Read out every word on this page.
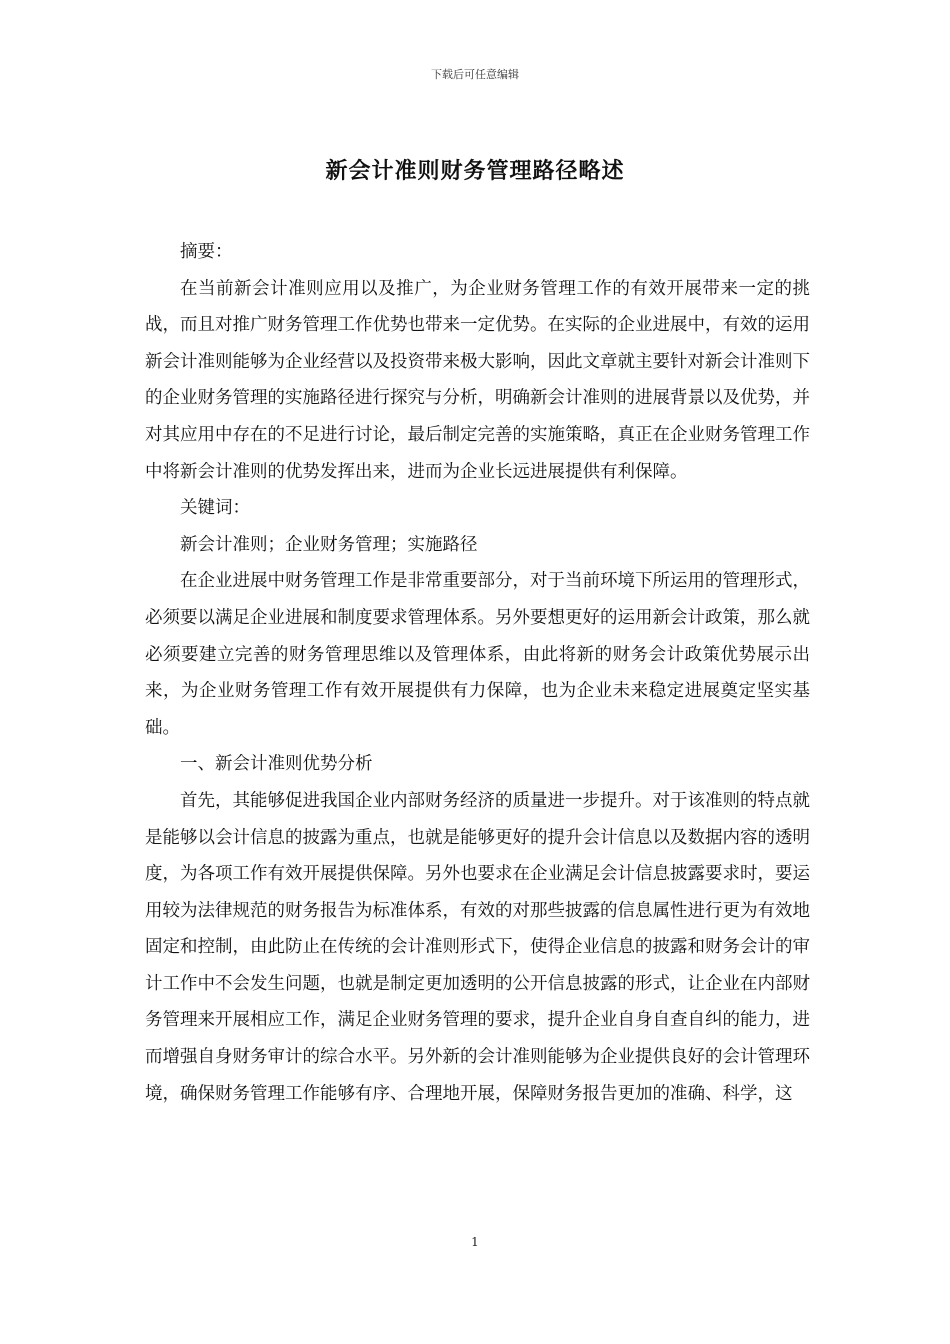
下载后可任意编辑
新会计准则财务管理路径略述

摘要：

在当前新会计准则应用以及推广，为企业财务管理工作的有效开展带来一定的挑战，而且对推广财务管理工作优势也带来一定优势。在实际的企业进展中，有效的运用新会计准则能够为企业经营以及投资带来极大影响，因此文章就主要针对新会计准则下的企业财务管理的实施路径进行探究与分析，明确新会计准则的进展背景以及优势，并对其应用中存在的不足进行讨论，最后制定完善的实施策略，真正在企业财务管理工作中将新会计准则的优势发挥出来，进而为企业长远进展提供有利保障。

关键词：

新会计准则；企业财务管理；实施路径

在企业进展中财务管理工作是非常重要部分，对于当前环境下所运用的管理形式，必须要以满足企业进展和制度要求管理体系。另外要想更好的运用新会计政策，那么就必须要建立完善的财务管理思维以及管理体系，由此将新的财务会计政策优势展示出来，为企业财务管理工作有效开展提供有力保障，也为企业未来稳定进展奠定坚实基础。

一、新会计准则优势分析

首先，其能够促进我国企业内部财务经济的质量进一步提升。对于该准则的特点就是能够以会计信息的披露为重点，也就是能够更好的提升会计信息以及数据内容的透明度，为各项工作有效开展提供保障。另外也要求在企业满足会计信息披露要求时，要运用较为法律规范的财务报告为标准体系，有效的对那些披露的信息属性进行更为有效地固定和控制，由此防止在传统的会计准则形式下，使得企业信息的披露和财务会计的审计工作中不会发生问题，也就是制定更加透明的公开信息披露的形式，让企业在内部财务管理来开展相应工作，满足企业财务管理的要求，提升企业自身自查自纠的能力，进而增强自身财务审计的综合水平。另外新的会计准则能够为企业提供良好的会计管理环境，确保财务管理工作能够有序、合理地开展，保障财务报告更加的准确、科学，这

1
